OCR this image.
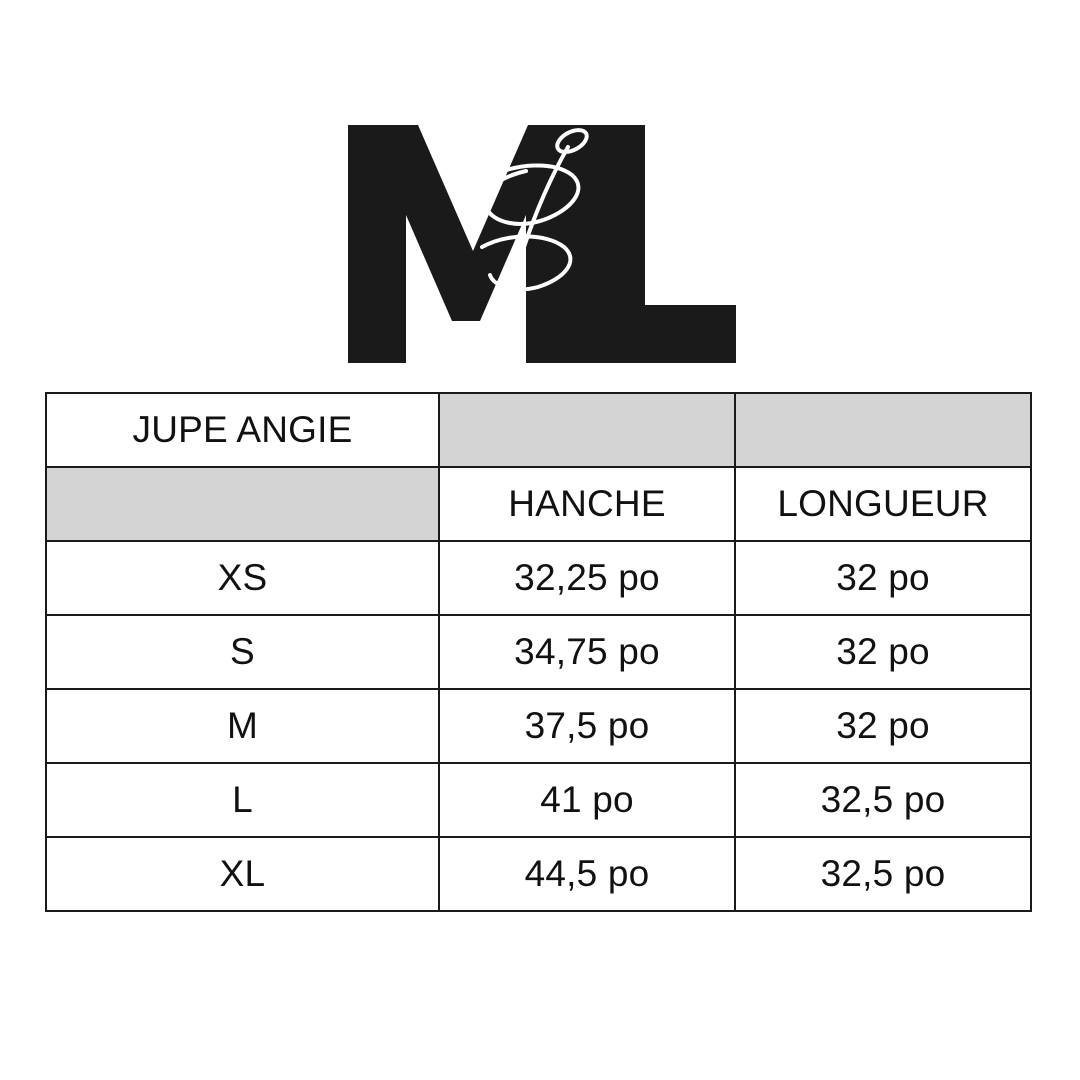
JUPE ANGIE		
	HANCHE	LONGUEUR
XS	32,25 po	32 po
S	34,75 po	32 po
M	37,5 po	32 po
L	41 po	32,5 po
XL	44,5 po	32,5 po
